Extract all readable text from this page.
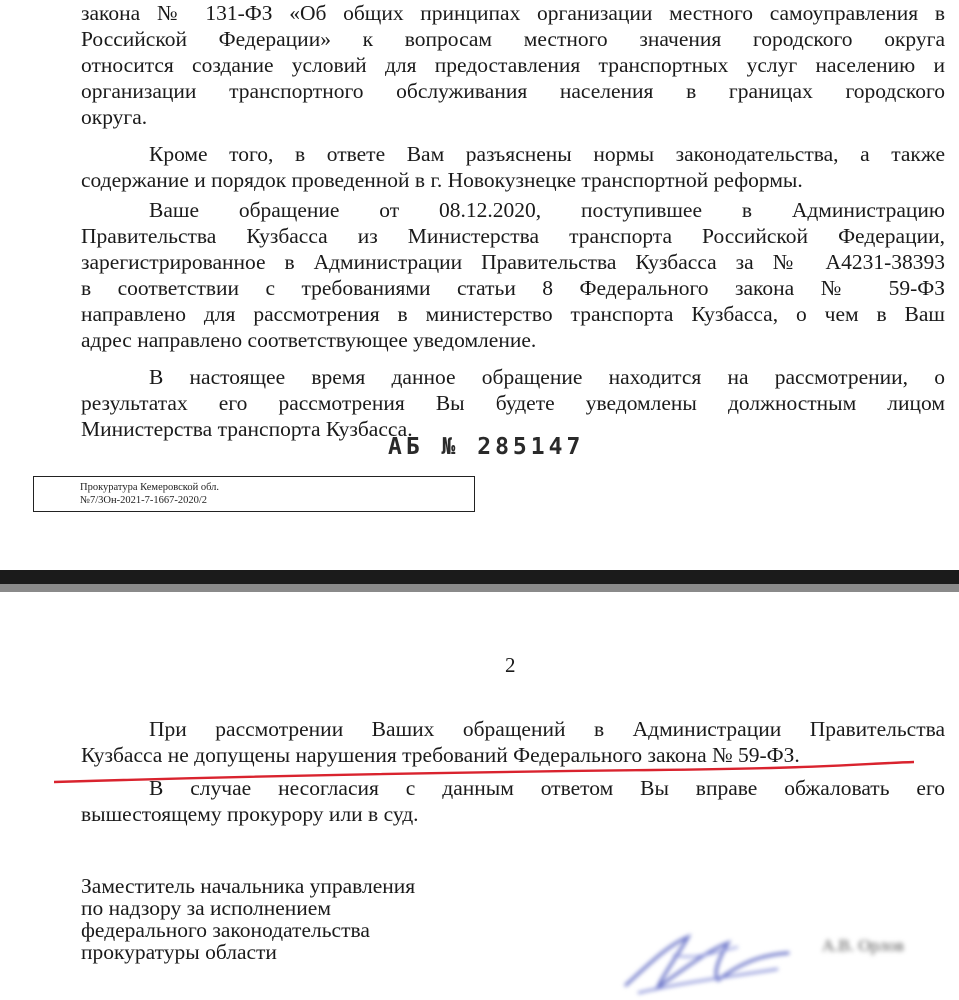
закона № 131-ФЗ «Об общих принципах организации местного самоуправления в

Российской Федерации» к вопросам местного значения городского округа

относится создание условий для предоставления транспортных услуг населению и

организации транспортного обслуживания населения в границах городского

округа.

Кроме того, в ответе Вам разъяснены нормы законодательства, а также

содержание и порядок проведенной в г. Новокузнецке транспортной реформы.

Ваше обращение от 08.12.2020, поступившее в Администрацию

Правительства Кузбасса из Министерства транспорта Российской Федерации,

зарегистрированное в Администрации Правительства Кузбасса за № А4231-38393

в соответствии с требованиями статьи 8 Федерального закона № 59-ФЗ

направлено для рассмотрения в министерство транспорта Кузбасса, о чем в Ваш

адрес направлено соответствующее уведомление.

В настоящее время данное обращение находится на рассмотрении, о

результатах его рассмотрения Вы будете уведомлены должностным лицом

Министерства транспорта Кузбасса.

АБ № 285147
Прокуратура Кемеровской обл.
№7/3Он-2021-7-1667-2020/2
2

При рассмотрении Ваших обращений в Администрации Правительства

Кузбасса не допущены нарушения требований Федерального закона № 59-ФЗ.

В случае несогласия с данным ответом Вы вправе обжаловать его

вышестоящему прокурору или в суд.

Заместитель начальника управления

по надзору за исполнением

федерального законодательства

прокуратуры области	А.В. Орлов
